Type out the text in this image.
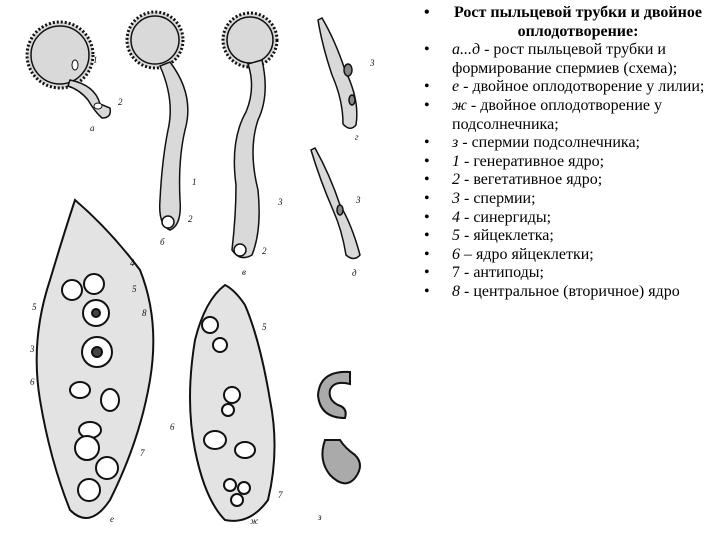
1
2
а
1
2
б
3
2
в
3
г
3
д
4
5
5
8
3
6
7
е
5
6
7
ж	з
• Рост пыльцевой трубки и двойное оплодотворение:
• а...д - рост пыльцевой трубки и формирование спермиев (схема);
• е - двойное оплодотворение у лилии;
• ж - двойное оплодотворение у подсолнечника;
• з - спермии подсолнечника;
• 1 - генеративное ядро;
• 2 - вегетативное ядро;
• 3 - спермии;
• 4 - синергиды;
• 5 - яйцеклетка;
• 6 – ядро яйцеклетки;
• 7 - антиподы;
• 8 - центральное (вторичное) ядро
